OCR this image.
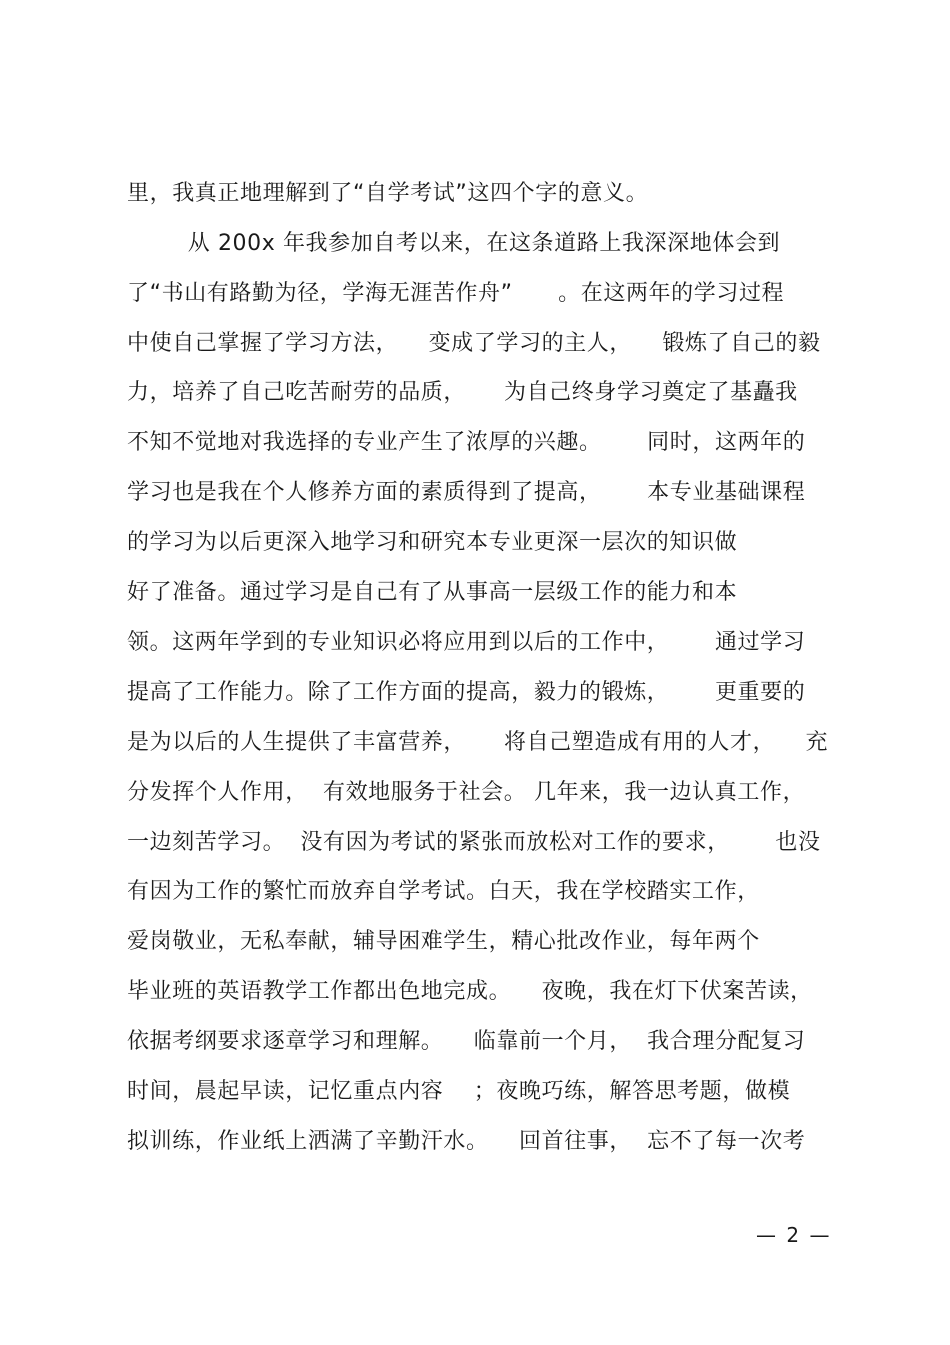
里，我真正地理解到了“自学考试”这四个字的意义。
从 200x 年我参加自考以来，在这条道路上我深深地体会到
了“书山有路勤为径，学海无涯苦作舟”      。在这两年的学习过程
中使自己掌握了学习方法，    变成了学习的主人，    锻炼了自己的毅
力，培养了自己吃苦耐劳的品质，     为自己终身学习奠定了基矗我
不知不觉地对我选择的专业产生了浓厚的兴趣。      同时，这两年的
学习也是我在个人修养方面的素质得到了提高，      本专业基础课程
的学习为以后更深入地学习和研究本专业更深一层次的知识做
好了准备。通过学习是自己有了从事高一层级工作的能力和本
领。这两年学到的专业知识必将应用到以后的工作中，      通过学习
提高了工作能力。除了工作方面的提高，毅力的锻炼，      更重要的
是为以后的人生提供了丰富营养，     将自己塑造成有用的人才，    充
分发挥个人作用，  有效地服务于社会。 几年来，我一边认真工作，
一边刻苦学习。  没有因为考试的紧张而放松对工作的要求，      也没
有因为工作的繁忙而放弃自学考试。白天，我在学校踏实工作，
爱岗敬业，无私奉献，辅导困难学生，精心批改作业，每年两个
毕业班的英语教学工作都出色地完成。    夜晚，我在灯下伏案苦读，
依据考纲要求逐章学习和理解。    临靠前一个月，  我合理分配复习
时间，晨起早读，记忆重点内容    ；夜晚巧练，解答思考题，做模
拟训练，作业纸上洒满了辛勤汗水。    回首往事，  忘不了每一次考
— 2 —
